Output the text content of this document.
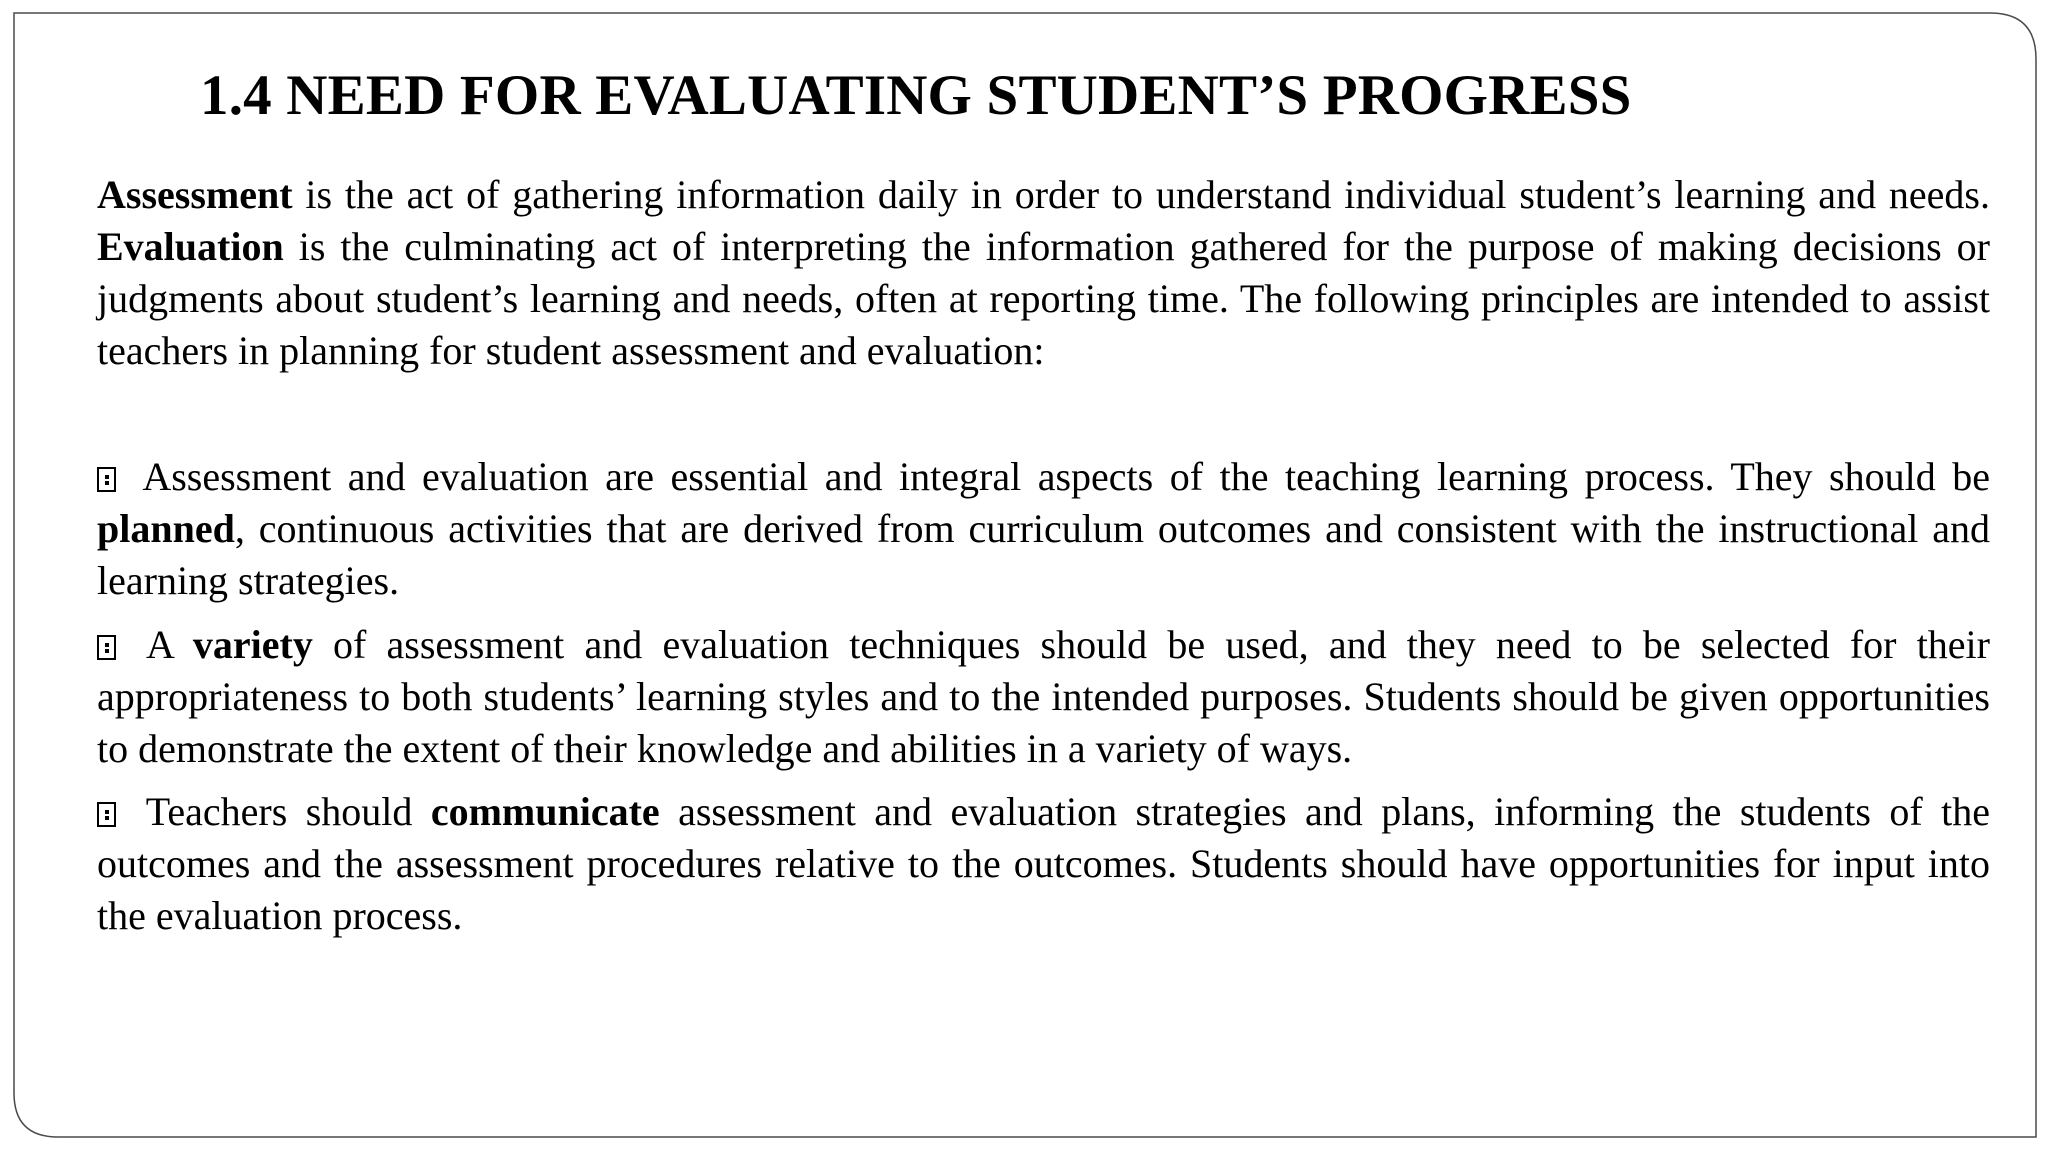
1.4 NEED FOR EVALUATING STUDENT’S PROGRESS

Assessment is the act of gathering information daily in order to understand individual student’s learning and needs. Evaluation is the culminating act of interpreting the information gathered for the purpose of making decisions or judgments about student’s learning and needs, often at reporting time. The following principles are intended to assist teachers in planning for student assessment and evaluation:

Assessment and evaluation are essential and integral aspects of the teaching learning process. They should be planned, continuous activities that are derived from curriculum outcomes and consistent with the instructional and learning strategies.

A variety of assessment and evaluation techniques should be used, and they need to be selected for their appropriateness to both students’ learning styles and to the intended purposes. Students should be given opportunities to demonstrate the extent of their knowledge and abilities in a variety of ways.

Teachers should communicate assessment and evaluation strategies and plans, informing the students of the outcomes and the assessment procedures relative to the outcomes. Students should have opportunities for input into the evaluation process.
